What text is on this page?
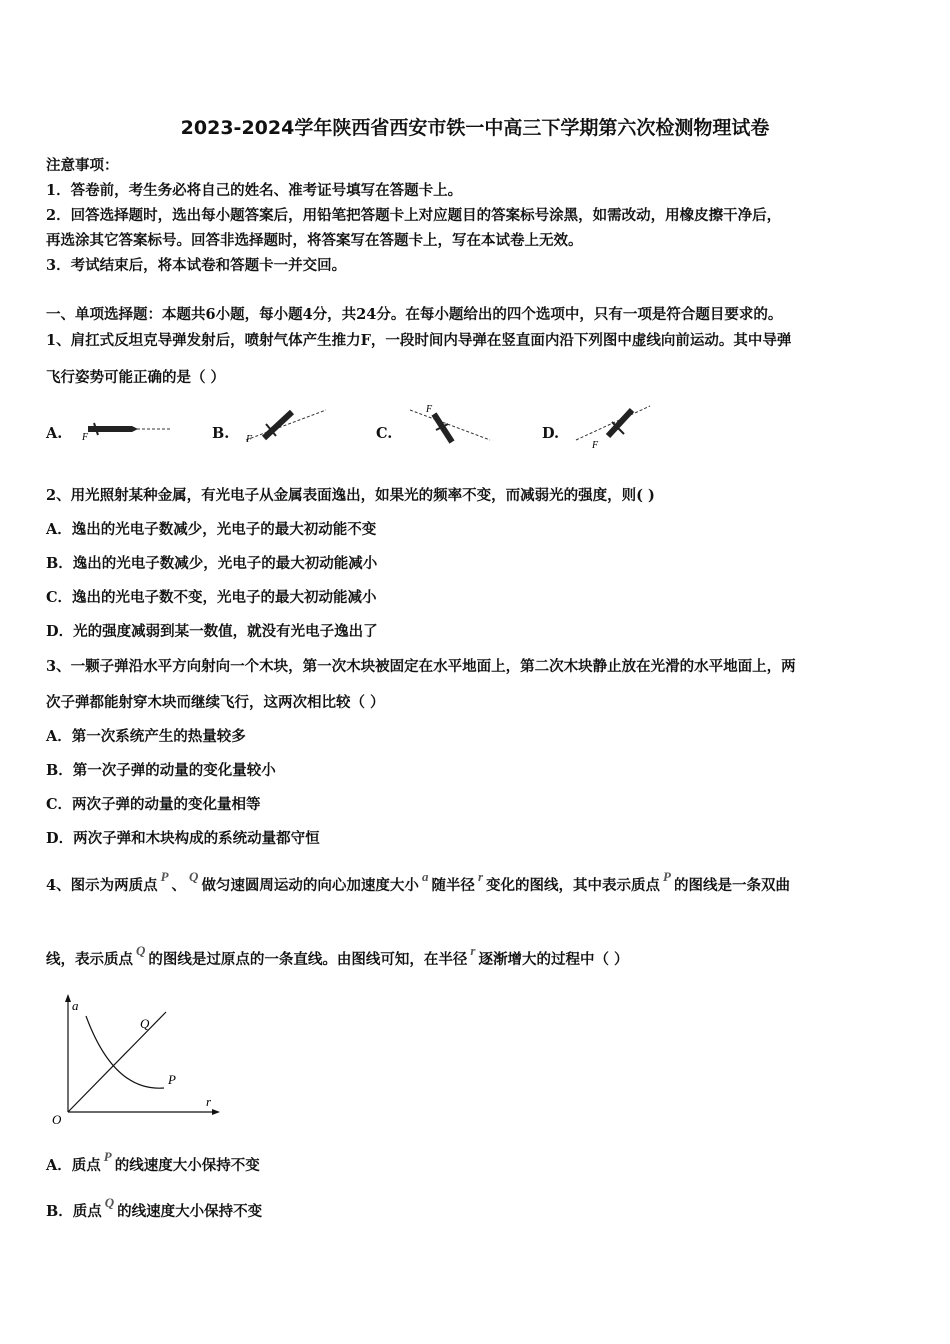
2023-2024学年陕西省西安市铁一中高三下学期第六次检测物理试卷
注意事项：
1．答卷前，考生务必将自己的姓名、准考证号填写在答题卡上。
2．回答选择题时，选出每小题答案后，用铅笔把答题卡上对应题目的答案标号涂黑，如需改动，用橡皮擦干净后，
再选涂其它答案标号。回答非选择题时，将答案写在答题卡上，写在本试卷上无效。
3．考试结束后，将本试卷和答题卡一并交回。
一、单项选择题：本题共6小题，每小题4分，共24分。在每小题给出的四个选项中，只有一项是符合题目要求的。
1、肩扛式反坦克导弹发射后，喷射气体产生推力F，一段时间内导弹在竖直面内沿下列图中虚线向前运动。其中导弹
飞行姿势可能正确的是（ ）
A. F	B. F	C.
F
D.
F
2、用光照射某种金属，有光电子从金属表面逸出，如果光的频率不变，而减弱光的强度，则( )
A．逸出的光电子数减少，光电子的最大初动能不变
B．逸出的光电子数减少，光电子的最大初动能减小
C．逸出的光电子数不变，光电子的最大初动能减小
D．光的强度减弱到某一数值，就没有光电子逸出了
3、一颗子弹沿水平方向射向一个木块，第一次木块被固定在水平地面上，第二次木块静止放在光滑的水平地面上，两
次子弹都能射穿木块而继续飞行，这两次相比较（ ）
A．第一次系统产生的热量较多
B．第一次子弹的动量的变化量较小
C．两次子弹的动量的变化量相等
D．两次子弹和木块构成的系统动量都守恒
4、图示为两质点P、Q做匀速圆周运动的向心加速度大小a随半径r变化的图线，其中表示质点P的图线是一条双曲
线，表示质点Q的图线是过原点的一条直线。由图线可知，在半径r逐渐增大的过程中（ ）
a
O
r
Q
P
A．质点P的线速度大小保持不变
B．质点Q的线速度大小保持不变
